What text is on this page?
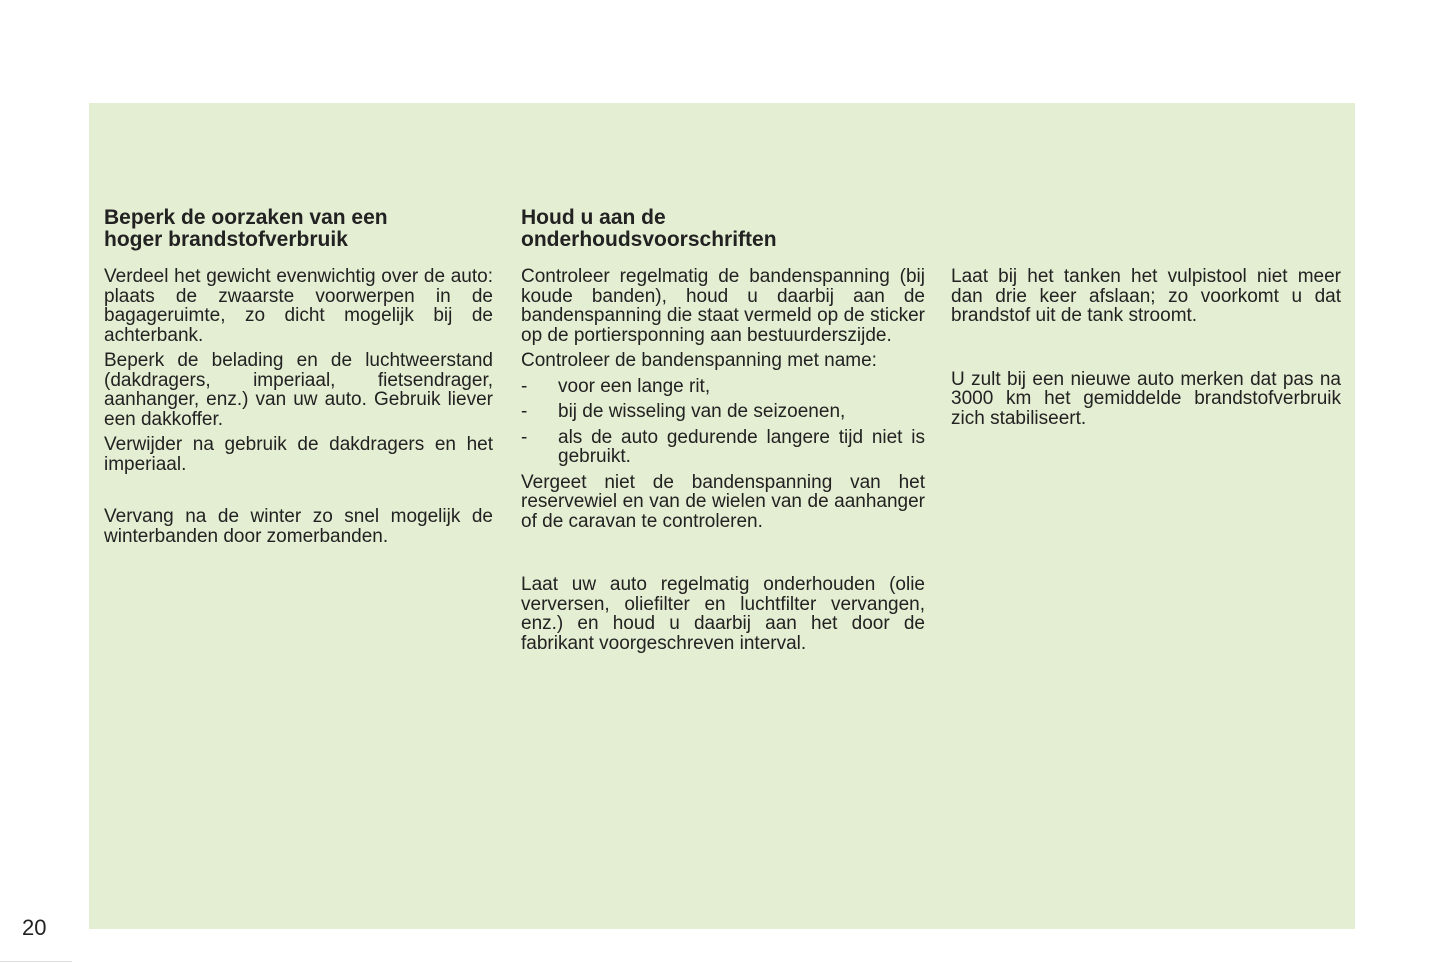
Beperk de oorzaken van een
hoger brandstofverbruik

Verdeel het gewicht evenwichtig over de auto: plaats de zwaarste voorwerpen in de bagageruimte, zo dicht mogelijk bij de achterbank.

Beperk de belading en de luchtweerstand (dakdragers, imperiaal, fietsendrager, aanhanger, enz.) van uw auto. Gebruik liever een dakkoffer.

Verwijder na gebruik de dakdragers en het imperiaal.

Vervang na de winter zo snel mogelijk de winterbanden door zomerbanden.

Houd u aan de
onderhoudsvoorschriften

Controleer regelmatig de bandenspanning (bij koude banden), houd u daarbij aan de bandenspanning die staat vermeld op de sticker op de portiersponning aan bestuurderszijde.

Controleer de bandenspanning met name:

-	voor een lange rit,
-	bij de wisseling van de seizoenen,
-	als de auto gedurende langere tijd niet is gebruikt.

Vergeet niet de bandenspanning van het reservewiel en van de wielen van de aanhanger of de caravan te controleren.

Laat uw auto regelmatig onderhouden (olie verversen, oliefilter en luchtfilter vervangen, enz.) en houd u daarbij aan het door de fabrikant voorgeschreven interval.

Laat bij het tanken het vulpistool niet meer dan drie keer afslaan; zo voorkomt u dat brandstof uit de tank stroomt.

U zult bij een nieuwe auto merken dat pas na 3000 km het gemiddelde brandstofverbruik zich stabiliseert.

20
